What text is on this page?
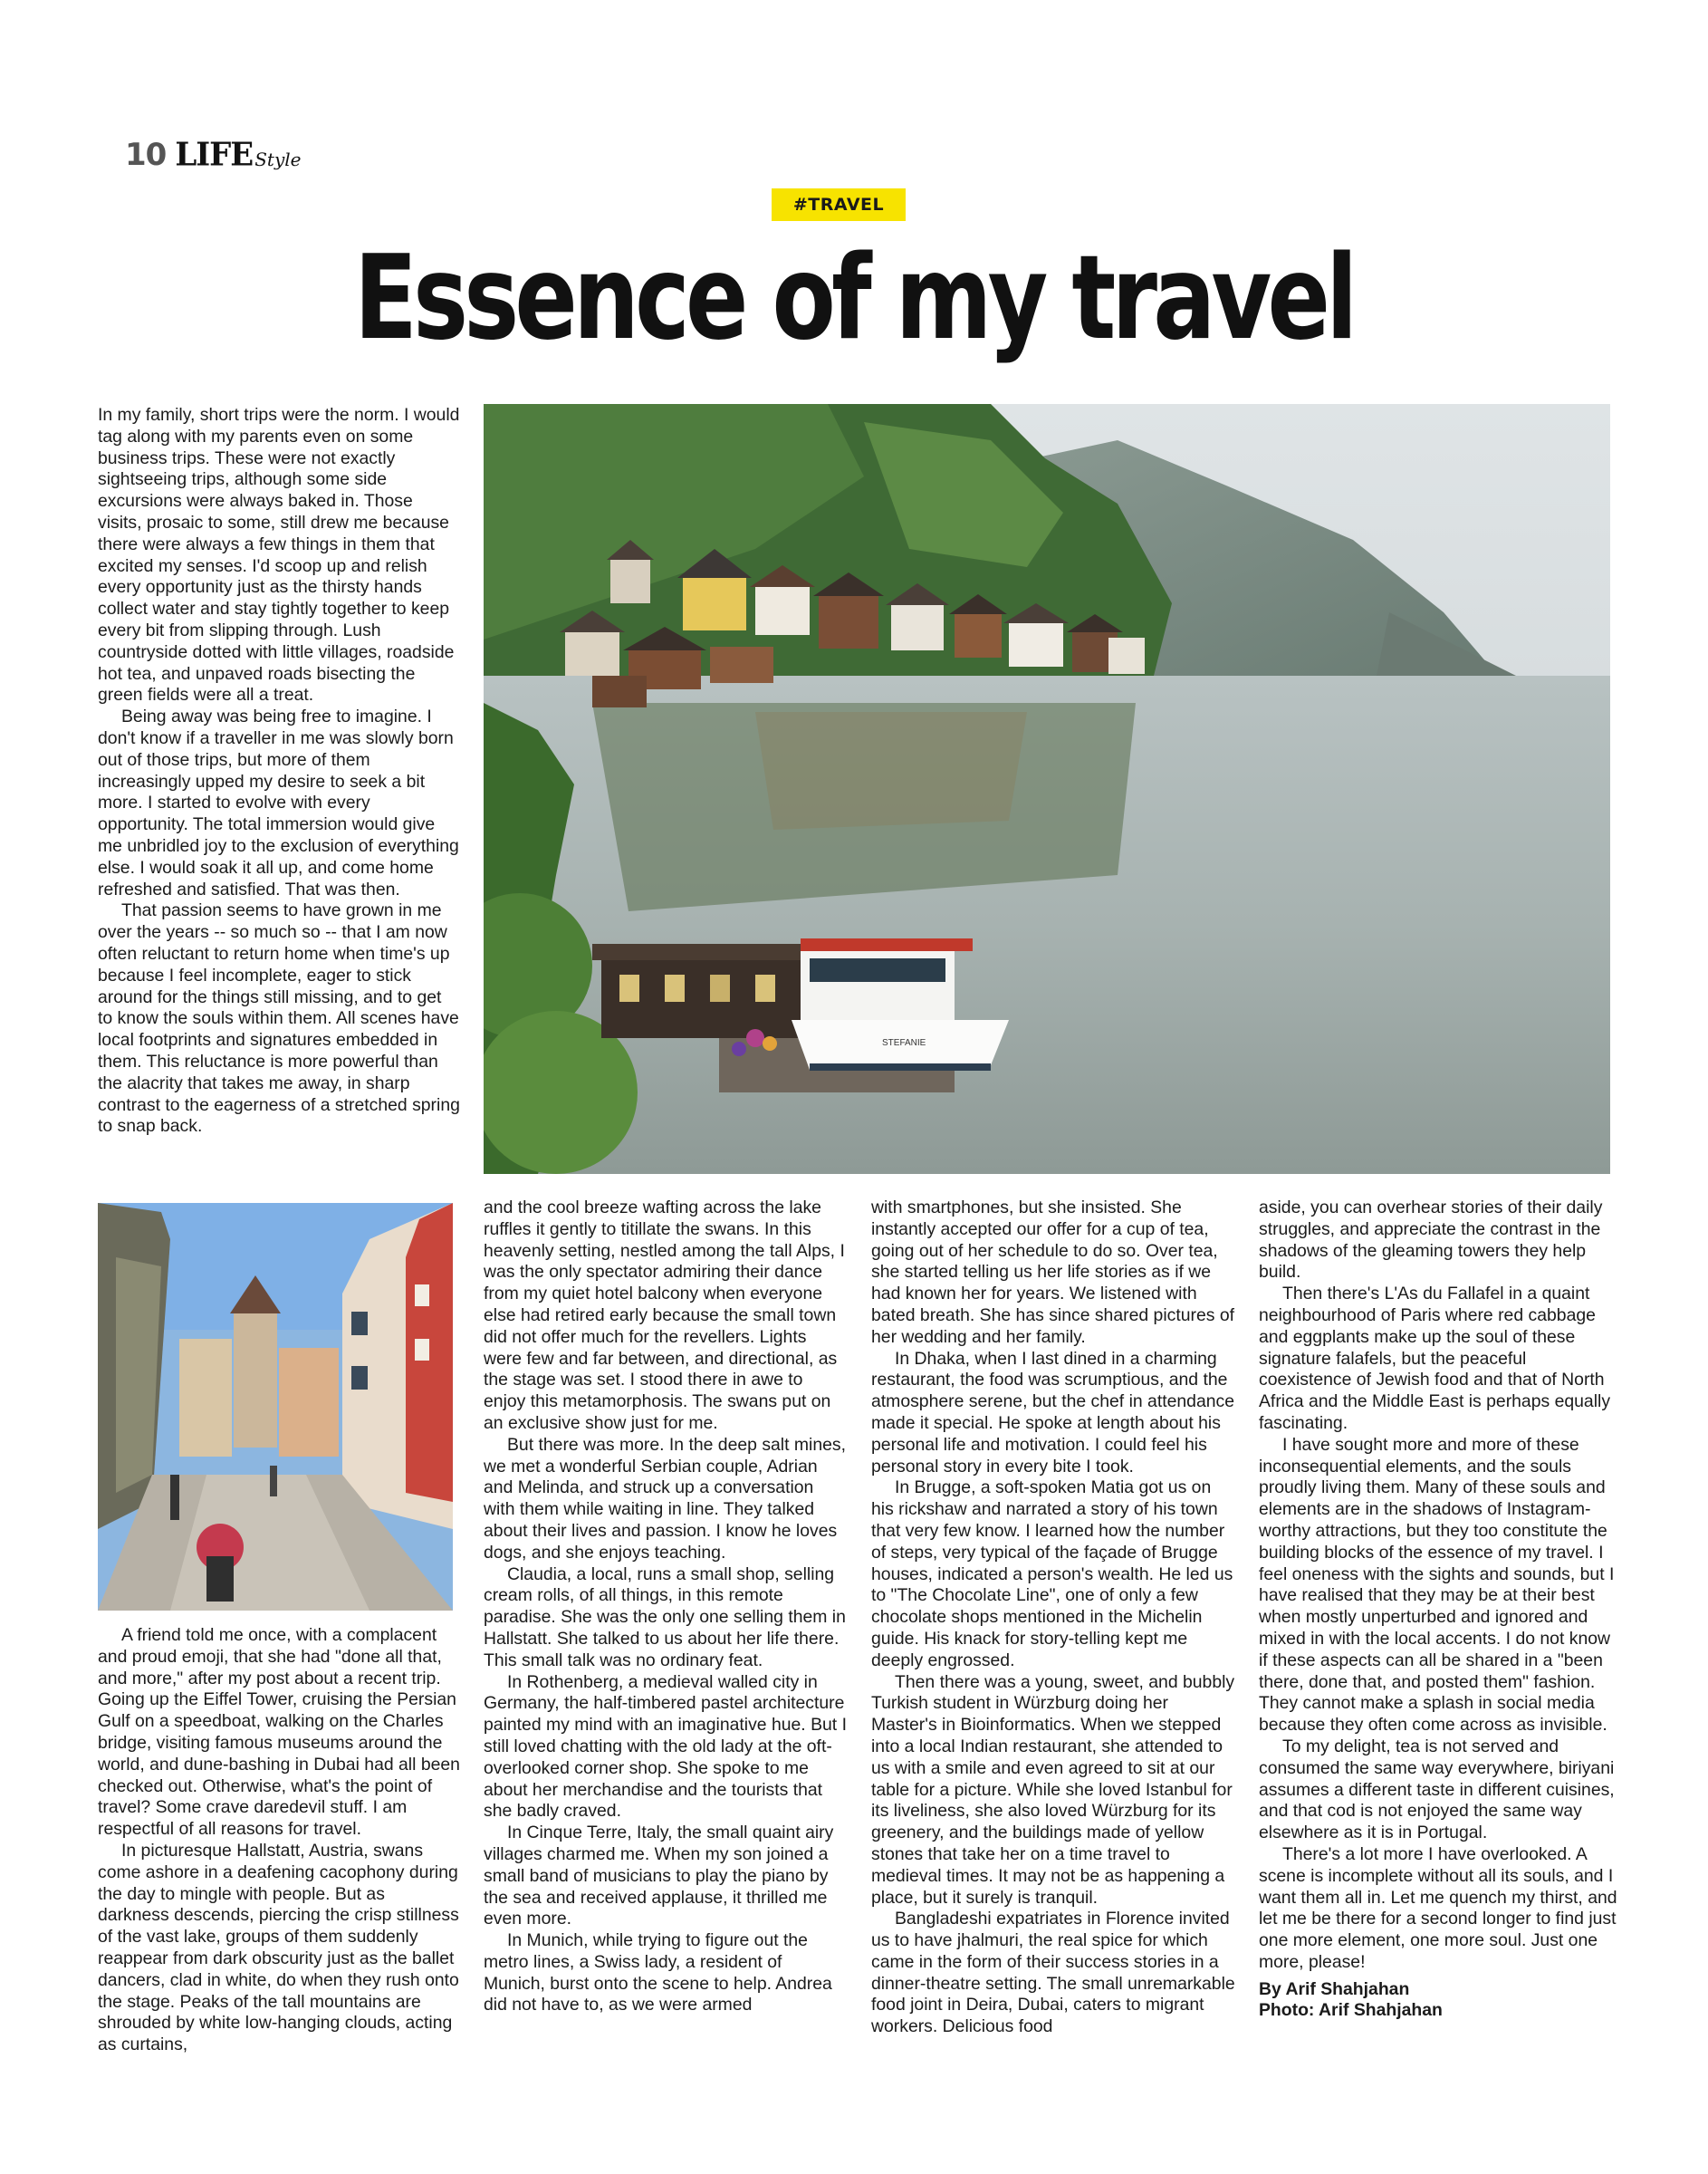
10 LIFE Style
#TRAVEL
Essence of my travel

In my family, short trips were the norm. I would tag along with my parents even on some business trips. These were not exactly sightseeing trips, although some side excursions were always baked in. Those visits, prosaic to some, still drew me because there were always a few things in them that excited my senses. I'd scoop up and relish every opportunity just as the thirsty hands collect water and stay tightly together to keep every bit from slipping through. Lush countryside dotted with little villages, roadside hot tea, and unpaved roads bisecting the green fields were all a treat.

Being away was being free to imagine. I don't know if a traveller in me was slowly born out of those trips, but more of them increasingly upped my desire to seek a bit more. I started to evolve with every opportunity. The total immersion would give me unbridled joy to the exclusion of everything else. I would soak it all up, and come home refreshed and satisfied. That was then.

That passion seems to have grown in me over the years -- so much so -- that I am now often reluctant to return home when time's up because I feel incomplete, eager to stick around for the things still missing, and to get to know the souls within them. All scenes have local footprints and signatures embedded in them. This reluctance is more powerful than the alacrity that takes me away, in sharp contrast to the eagerness of a stretched spring to snap back.

STEFANIE

A friend told me once, with a complacent and proud emoji, that she had "done all that, and more," after my post about a recent trip. Going up the Eiffel Tower, cruising the Persian Gulf on a speedboat, walking on the Charles bridge, visiting famous museums around the world, and dune-bashing in Dubai had all been checked out. Otherwise, what's the point of travel? Some crave daredevil stuff. I am respectful of all reasons for travel.

In picturesque Hallstatt, Austria, swans come ashore in a deafening cacophony during the day to mingle with people. But as darkness descends, piercing the crisp stillness of the vast lake, groups of them suddenly reappear from dark obscurity just as the ballet dancers, clad in white, do when they rush onto the stage. Peaks of the tall mountains are shrouded by white low-hanging clouds, acting as curtains,

and the cool breeze wafting across the lake ruffles it gently to titillate the swans. In this heavenly setting, nestled among the tall Alps, I was the only spectator admiring their dance from my quiet hotel balcony when everyone else had retired early because the small town did not offer much for the revellers. Lights were few and far between, and directional, as the stage was set. I stood there in awe to enjoy this metamorphosis. The swans put on an exclusive show just for me.

But there was more. In the deep salt mines, we met a wonderful Serbian couple, Adrian and Melinda, and struck up a conversation with them while waiting in line. They talked about their lives and passion. I know he loves dogs, and she enjoys teaching.

Claudia, a local, runs a small shop, selling cream rolls, of all things, in this remote paradise. She was the only one selling them in Hallstatt. She talked to us about her life there. This small talk was no ordinary feat.

In Rothenberg, a medieval walled city in Germany, the half-timbered pastel architecture painted my mind with an imaginative hue. But I still loved chatting with the old lady at the oft-overlooked corner shop. She spoke to me about her merchandise and the tourists that she badly craved.

In Cinque Terre, Italy, the small quaint airy villages charmed me. When my son joined a small band of musicians to play the piano by the sea and received applause, it thrilled me even more.

In Munich, while trying to figure out the metro lines, a Swiss lady, a resident of Munich, burst onto the scene to help. Andrea did not have to, as we were armed

with smartphones, but she insisted. She instantly accepted our offer for a cup of tea, going out of her schedule to do so. Over tea, she started telling us her life stories as if we had known her for years. We listened with bated breath. She has since shared pictures of her wedding and her family.

In Dhaka, when I last dined in a charming restaurant, the food was scrumptious, and the atmosphere serene, but the chef in attendance made it special. He spoke at length about his personal life and motivation. I could feel his personal story in every bite I took.

In Brugge, a soft-spoken Matia got us on his rickshaw and narrated a story of his town that very few know. I learned how the number of steps, very typical of the façade of Brugge houses, indicated a person's wealth. He led us to "The Chocolate Line", one of only a few chocolate shops mentioned in the Michelin guide. His knack for story-telling kept me deeply engrossed.

Then there was a young, sweet, and bubbly Turkish student in Würzburg doing her Master's in Bioinformatics. When we stepped into a local Indian restaurant, she attended to us with a smile and even agreed to sit at our table for a picture. While she loved Istanbul for its liveliness, she also loved Würzburg for its greenery, and the buildings made of yellow stones that take her on a time travel to medieval times. It may not be as happening a place, but it surely is tranquil.

Bangladeshi expatriates in Florence invited us to have jhalmuri, the real spice for which came in the form of their success stories in a dinner-theatre setting. The small unremarkable food joint in Deira, Dubai, caters to migrant workers. Delicious food

aside, you can overhear stories of their daily struggles, and appreciate the contrast in the shadows of the gleaming towers they help build.

Then there's L'As du Fallafel in a quaint neighbourhood of Paris where red cabbage and eggplants make up the soul of these signature falafels, but the peaceful coexistence of Jewish food and that of North Africa and the Middle East is perhaps equally fascinating.

I have sought more and more of these inconsequential elements, and the souls proudly living them. Many of these souls and elements are in the shadows of Instagram-worthy attractions, but they too constitute the building blocks of the essence of my travel. I feel oneness with the sights and sounds, but I have realised that they may be at their best when mostly unperturbed and ignored and mixed in with the local accents. I do not know if these aspects can all be shared in a "been there, done that, and posted them" fashion. They cannot make a splash in social media because they often come across as invisible.

To my delight, tea is not served and consumed the same way everywhere, biriyani assumes a different taste in different cuisines, and that cod is not enjoyed the same way elsewhere as it is in Portugal.

There's a lot more I have overlooked. A scene is incomplete without all its souls, and I want them all in. Let me quench my thirst, and let me be there for a second longer to find just one more element, one more soul. Just one more, please!

By Arif Shahjahan

Photo: Arif Shahjahan
